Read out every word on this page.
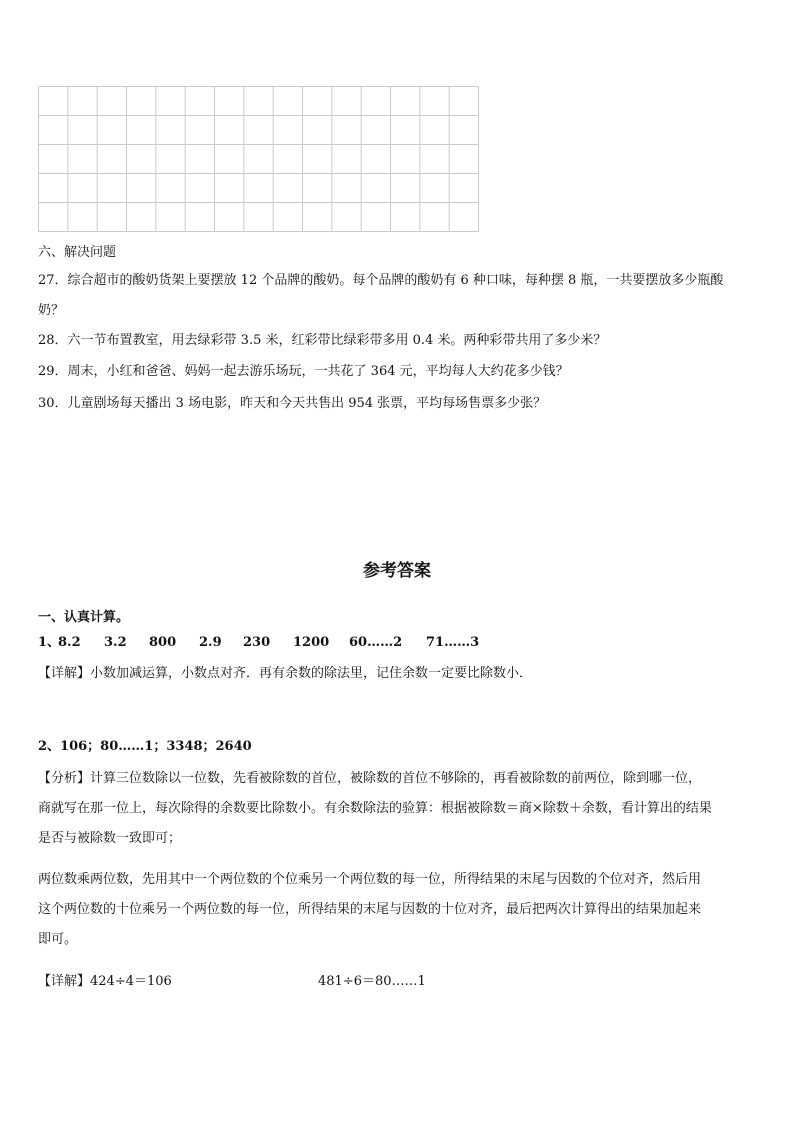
六、解决问题
27．综合超市的酸奶货架上要摆放 12 个品牌的酸奶。每个品牌的酸奶有 6 种口味，每种摆 8 瓶，一共要摆放多少瓶酸
奶？
28．六一节布置教室，用去绿彩带 3.5 米，红彩带比绿彩带多用 0.4 米。两种彩带共用了多少米？
29．周末，小红和爸爸、妈妈一起去游乐场玩，一共花了 364 元，平均每人大约花多少钱？
30．儿童剧场每天播出 3 场电影，昨天和今天共售出 954 张票，平均每场售票多少张？
参考答案
一、认真计算。
1、
8.2 3.2 800 2.9 230 1200 60……2 71……3
【详解】小数加减运算，小数点对齐．再有余数的除法里，记住余数一定要比除数小．
2、106；80……1；3348；2640
【分析】计算三位数除以一位数，先看被除数的首位，被除数的首位不够除的，再看被除数的前两位，除到哪一位，
商就写在那一位上，每次除得的余数要比除数小。有余数除法的验算：根据被除数＝商×除数＋余数，看计算出的结果
是否与被除数一致即可；
两位数乘两位数，先用其中一个两位数的个位乘另一个两位数的每一位，所得结果的末尾与因数的个位对齐，然后用
这个两位数的十位乘另一个两位数的每一位，所得结果的末尾与因数的十位对齐，最后把两次计算得出的结果加起来
即可。
【详解】424÷4＝106	481÷6＝80……1
